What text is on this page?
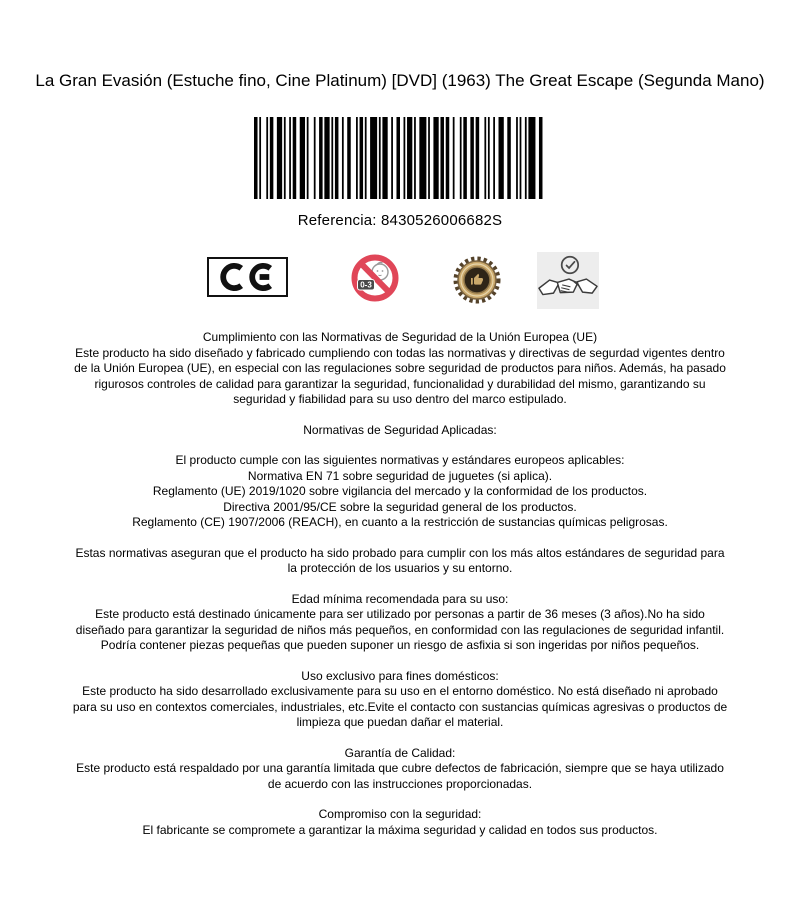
La Gran Evasión (Estuche fino, Cine Platinum) [DVD] (1963) The Great Escape (Segunda Mano)
Referencia: 8430526006682S
0-3
Cumplimiento con las Normativas de Seguridad de la Unión Europea (UE)
Este producto ha sido diseñado y fabricado cumpliendo con todas las normativas y directivas de segurdad vigentes dentro de la Unión Europea (UE), en especial con las regulaciones sobre seguridad de productos para niños. Además, ha pasado rigurosos controles de calidad para garantizar la seguridad, funcionalidad y durabilidad del mismo, garantizando su seguridad y fiabilidad para su uso dentro del marco estipulado.
Normativas de Seguridad Aplicadas:
El producto cumple con las siguientes normativas y estándares europeos aplicables:
Normativa EN 71 sobre seguridad de juguetes (si aplica).
Reglamento (UE) 2019/1020 sobre vigilancia del mercado y la conformidad de los productos.
Directiva 2001/95/CE sobre la seguridad general de los productos.
Reglamento (CE) 1907/2006 (REACH), en cuanto a la restricción de sustancias químicas peligrosas.
Estas normativas aseguran que el producto ha sido probado para cumplir con los más altos estándares de seguridad para la protección de los usuarios y su entorno.
Edad mínima recomendada para su uso:
Este producto está destinado únicamente para ser utilizado por personas a partir de 36 meses (3 años).No ha sido diseñado para garantizar la seguridad de niños más pequeños, en conformidad con las regulaciones de seguridad infantil. Podría contener piezas pequeñas que pueden suponer un riesgo de asfixia si son ingeridas por niños pequeños.
Uso exclusivo para fines domésticos:
Este producto ha sido desarrollado exclusivamente para su uso en el entorno doméstico. No está diseñado ni aprobado para su uso en contextos comerciales, industriales, etc.Evite el contacto con sustancias químicas agresivas o productos de limpieza que puedan dañar el material.
Garantía de Calidad:
Este producto está respaldado por una garantía limitada que cubre defectos de fabricación, siempre que se haya utilizado de acuerdo con las instrucciones proporcionadas.
Compromiso con la seguridad:
El fabricante se compromete a garantizar la máxima seguridad y calidad en todos sus productos.
